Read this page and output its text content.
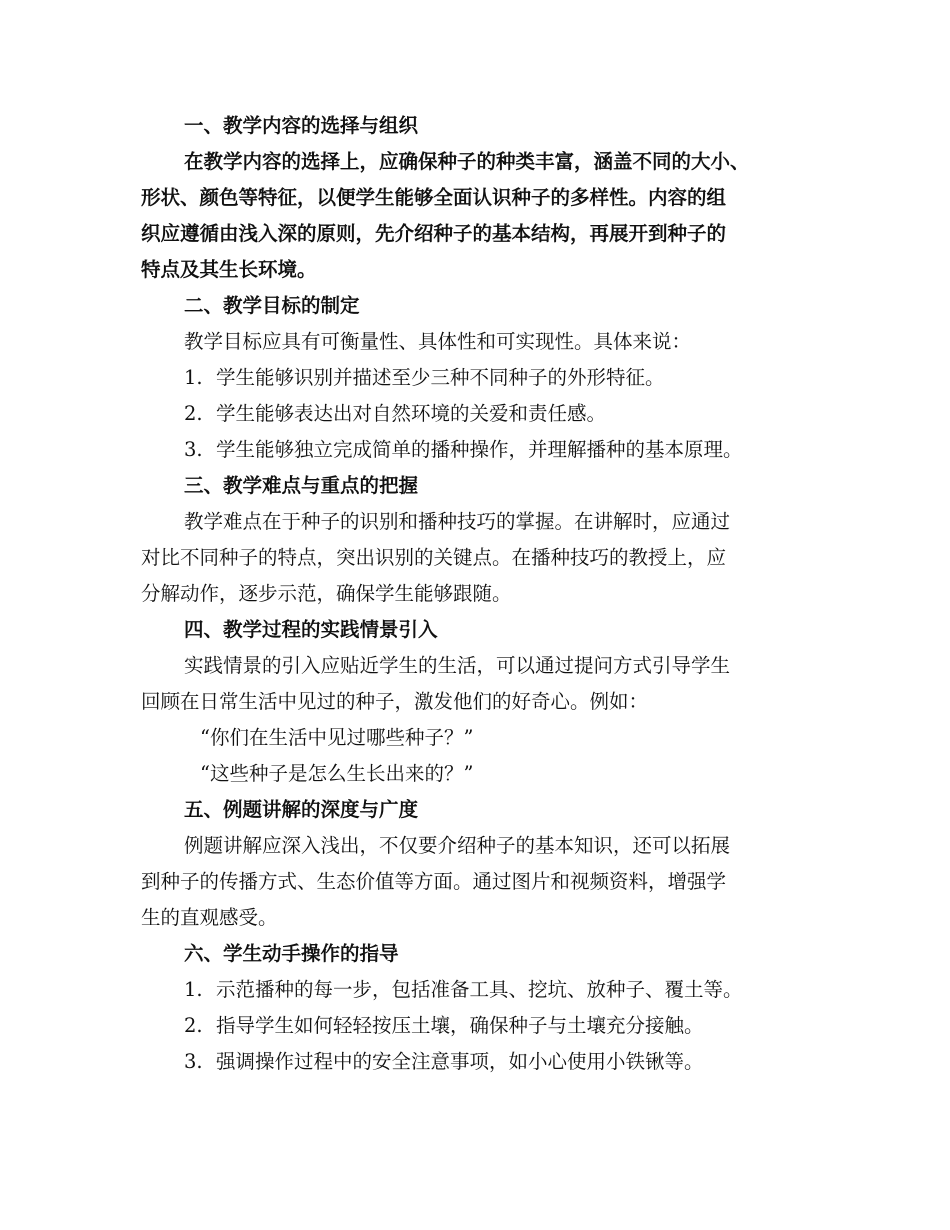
一、教学内容的选择与组织
在教学内容的选择上，应确保种子的种类丰富，涵盖不同的大小、
形状、颜色等特征，以便学生能够全面认识种子的多样性。内容的组
织应遵循由浅入深的原则，先介绍种子的基本结构，再展开到种子的
特点及其生长环境。
二、教学目标的制定
教学目标应具有可衡量性、具体性和可实现性。具体来说：
1. 学生能够识别并描述至少三种不同种子的外形特征。
2. 学生能够表达出对自然环境的关爱和责任感。
3. 学生能够独立完成简单的播种操作，并理解播种的基本原理。
三、教学难点与重点的把握
教学难点在于种子的识别和播种技巧的掌握。在讲解时，应通过
对比不同种子的特点，突出识别的关键点。在播种技巧的教授上，应
分解动作，逐步示范，确保学生能够跟随。
四、教学过程的实践情景引入
实践情景的引入应贴近学生的生活，可以通过提问方式引导学生
回顾在日常生活中见过的种子，激发他们的好奇心。例如：
“你们在生活中见过哪些种子？”
“这些种子是怎么生长出来的？”
五、例题讲解的深度与广度
例题讲解应深入浅出，不仅要介绍种子的基本知识，还可以拓展
到种子的传播方式、生态价值等方面。通过图片和视频资料，增强学
生的直观感受。
六、学生动手操作的指导
1. 示范播种的每一步，包括准备工具、挖坑、放种子、覆土等。
2. 指导学生如何轻轻按压土壤，确保种子与土壤充分接触。
3. 强调操作过程中的安全注意事项，如小心使用小铁锹等。
